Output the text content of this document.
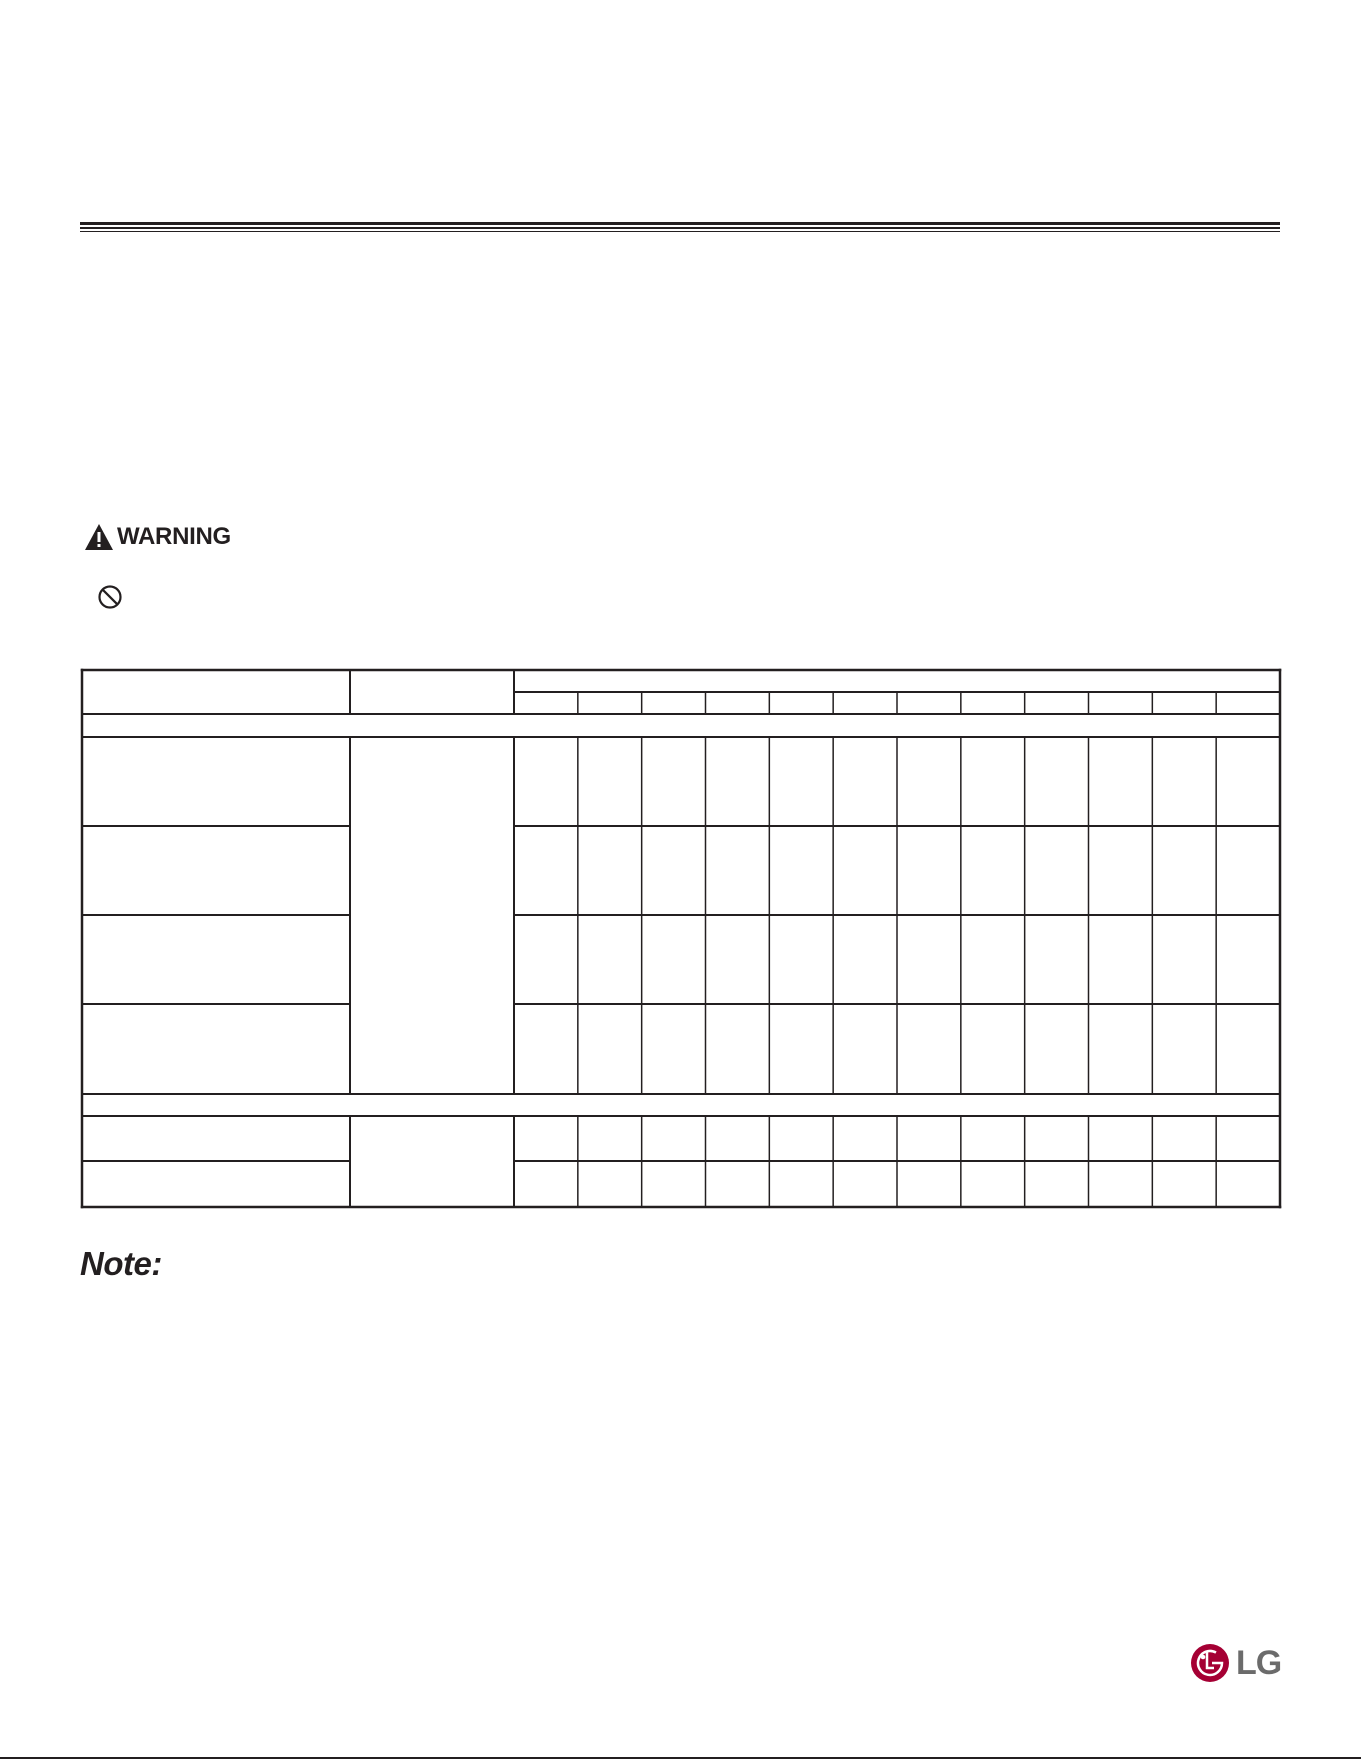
WARNING
Note:
LG
